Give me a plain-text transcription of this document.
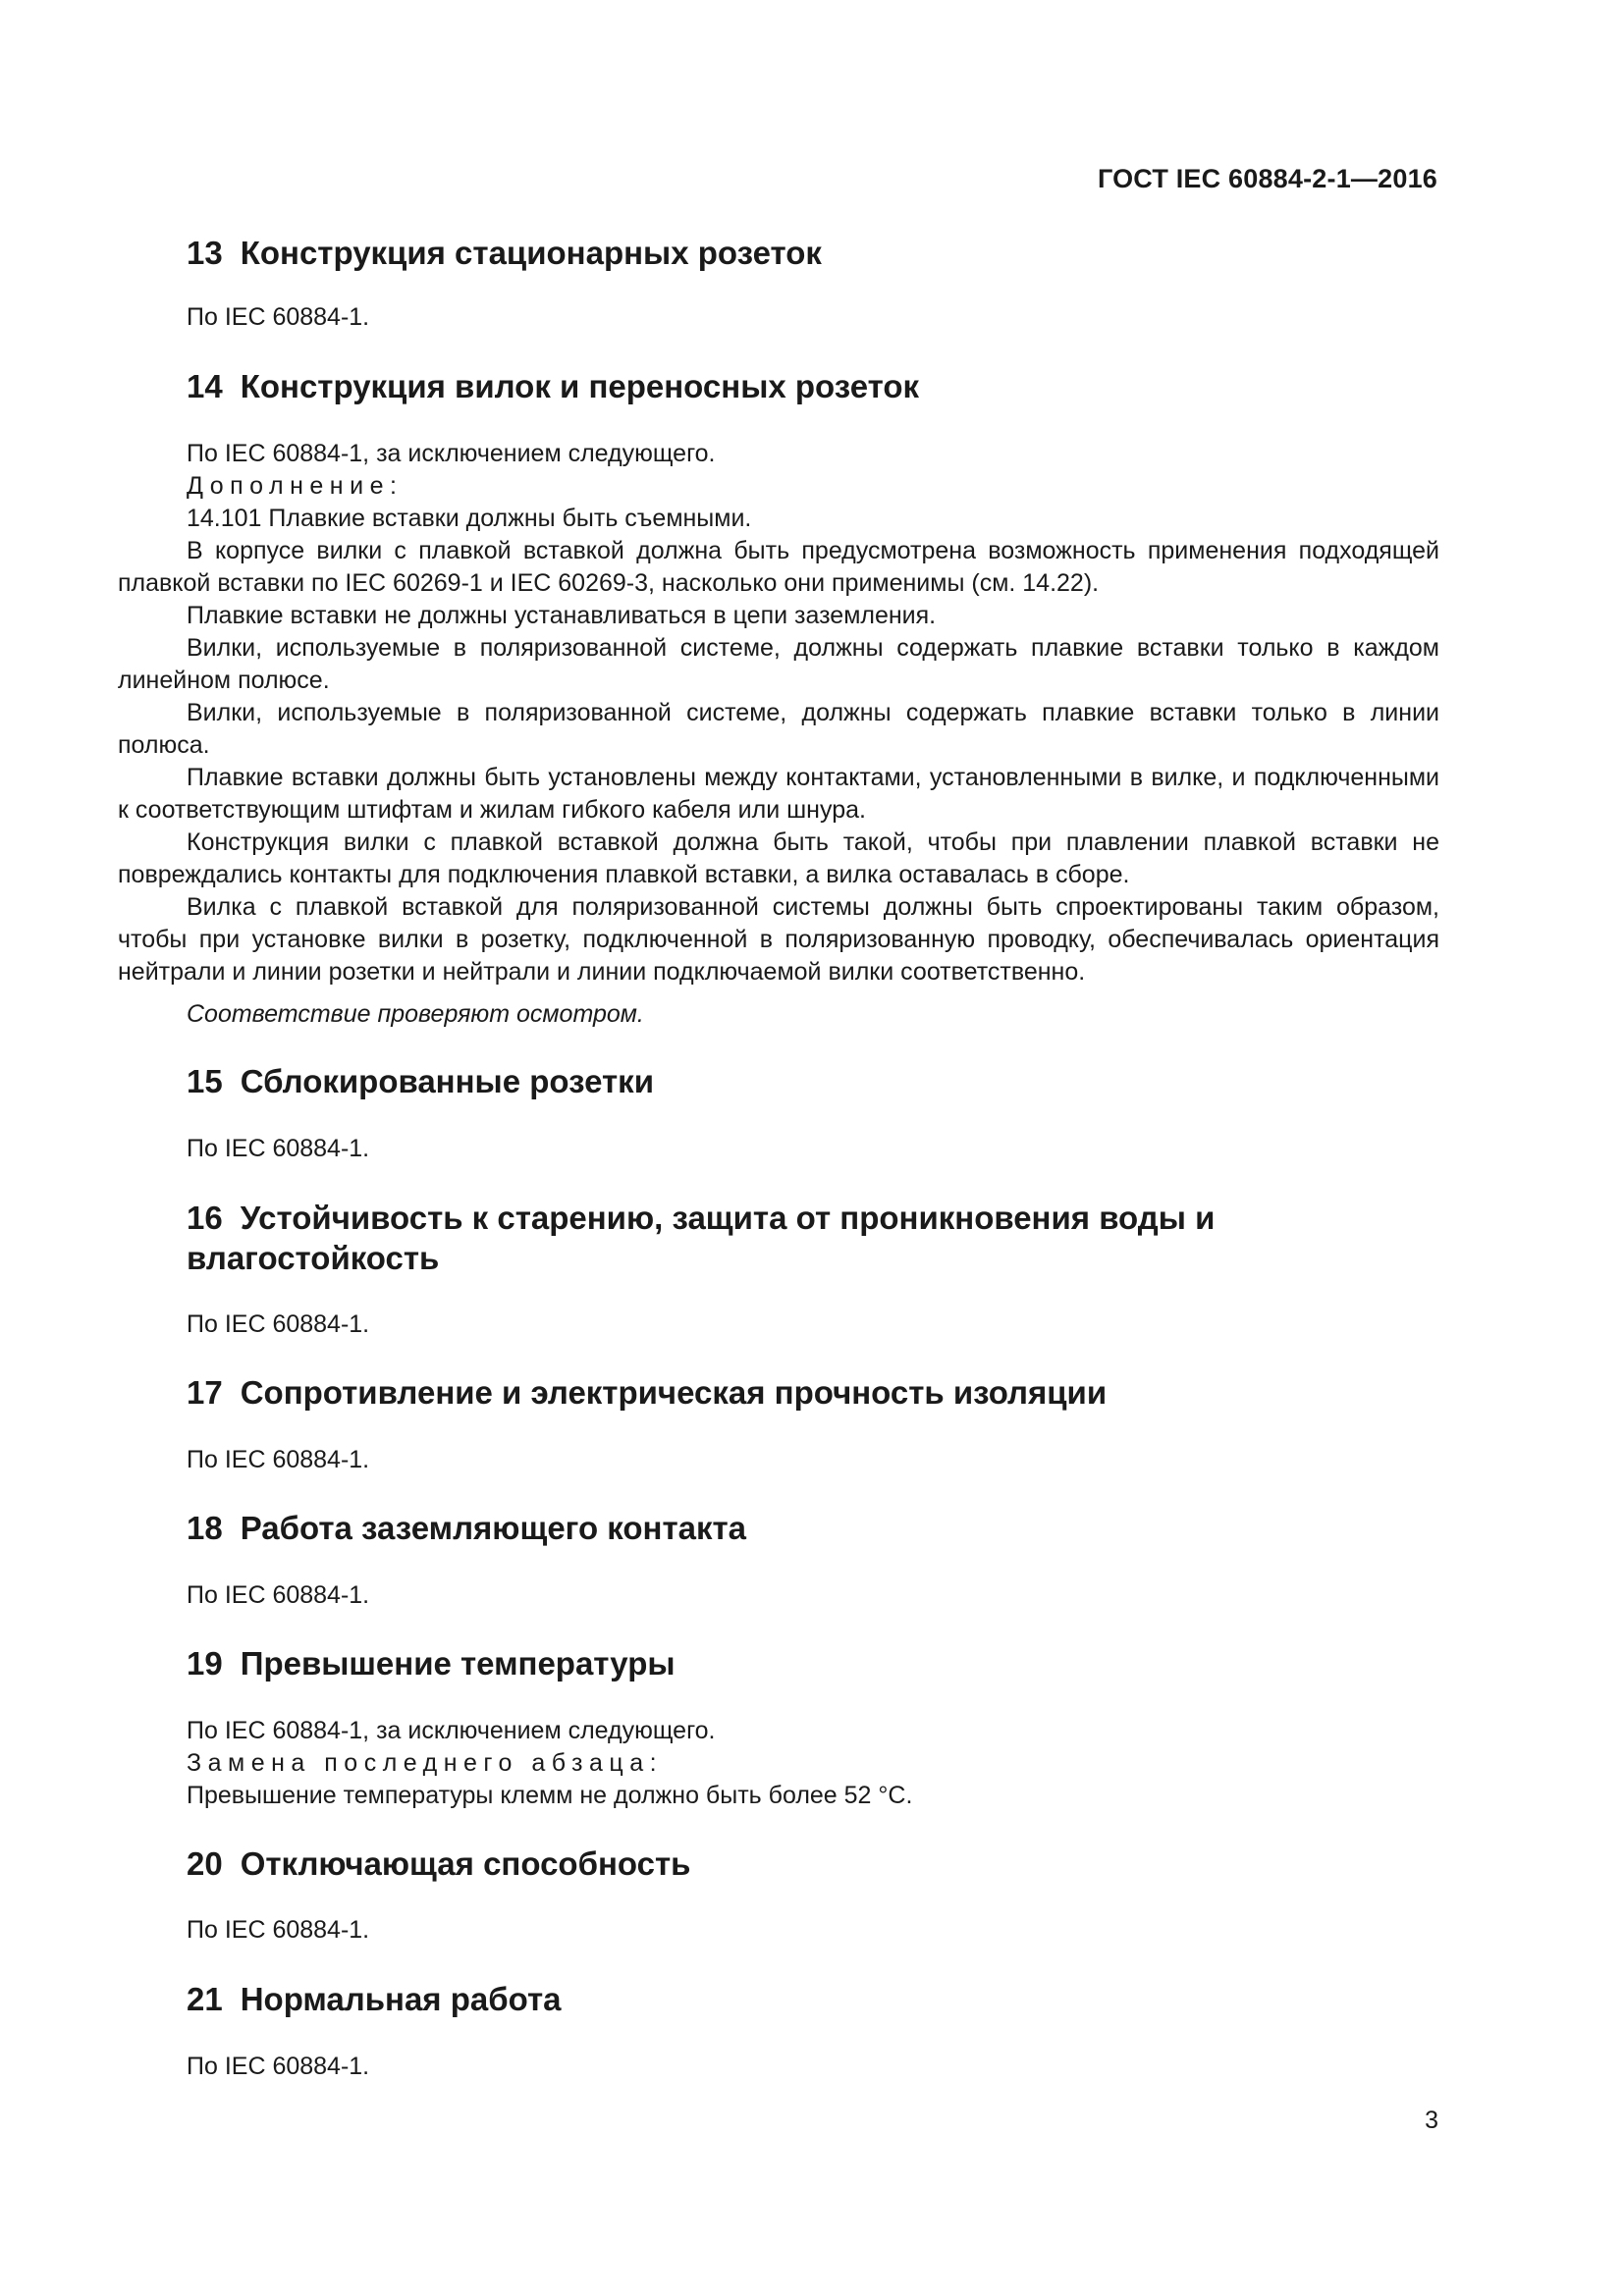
ГОСТ IEC 60884-2-1—2016
13 Конструкция стационарных розеток

По IEC 60884-1.

14 Конструкция вилок и переносных розеток

По IEC 60884-1, за исключением следующего.

Дополнение:

14.101 Плавкие вставки должны быть съемными.

В корпусе вилки с плавкой вставкой должна быть предусмотрена возможность применения подходящей плавкой вставки по IEC 60269-1 и IEC 60269-3, насколько они применимы (см. 14.22).

Плавкие вставки не должны устанавливаться в цепи заземления.

Вилки, используемые в поляризованной системе, должны содержать плавкие вставки только в каждом линейном полюсе.

Вилки, используемые в поляризованной системе, должны содержать плавкие вставки только в линии полюса.

Плавкие вставки должны быть установлены между контактами, установленными в вилке, и подключенными к соответствующим штифтам и жилам гибкого кабеля или шнура.

Конструкция вилки с плавкой вставкой должна быть такой, чтобы при плавлении плавкой вставки не повреждались контакты для подключения плавкой вставки, а вилка оставалась в сборе.

Вилка с плавкой вставкой для поляризованной системы должны быть спроектированы таким образом, чтобы при установке вилки в розетку, подключенной в поляризованную проводку, обеспечивалась ориентация нейтрали и линии розетки и нейтрали и линии подключаемой вилки соответственно.

Соответствие проверяют осмотром.

15 Сблокированные розетки

По IEC 60884-1.

16 Устойчивость к старению, защита от проникновения воды и влагостойкость

По IEC 60884-1.

17 Сопротивление и электрическая прочность изоляции

По IEC 60884-1.

18 Работа заземляющего контакта

По IEC 60884-1.

19 Превышение температуры

По IEC 60884-1, за исключением следующего.

Замена последнего абзаца:

Превышение температуры клемм не должно быть более 52 °С.

20 Отключающая способность

По IEC 60884-1.

21 Нормальная работа

По IEC 60884-1.

3
